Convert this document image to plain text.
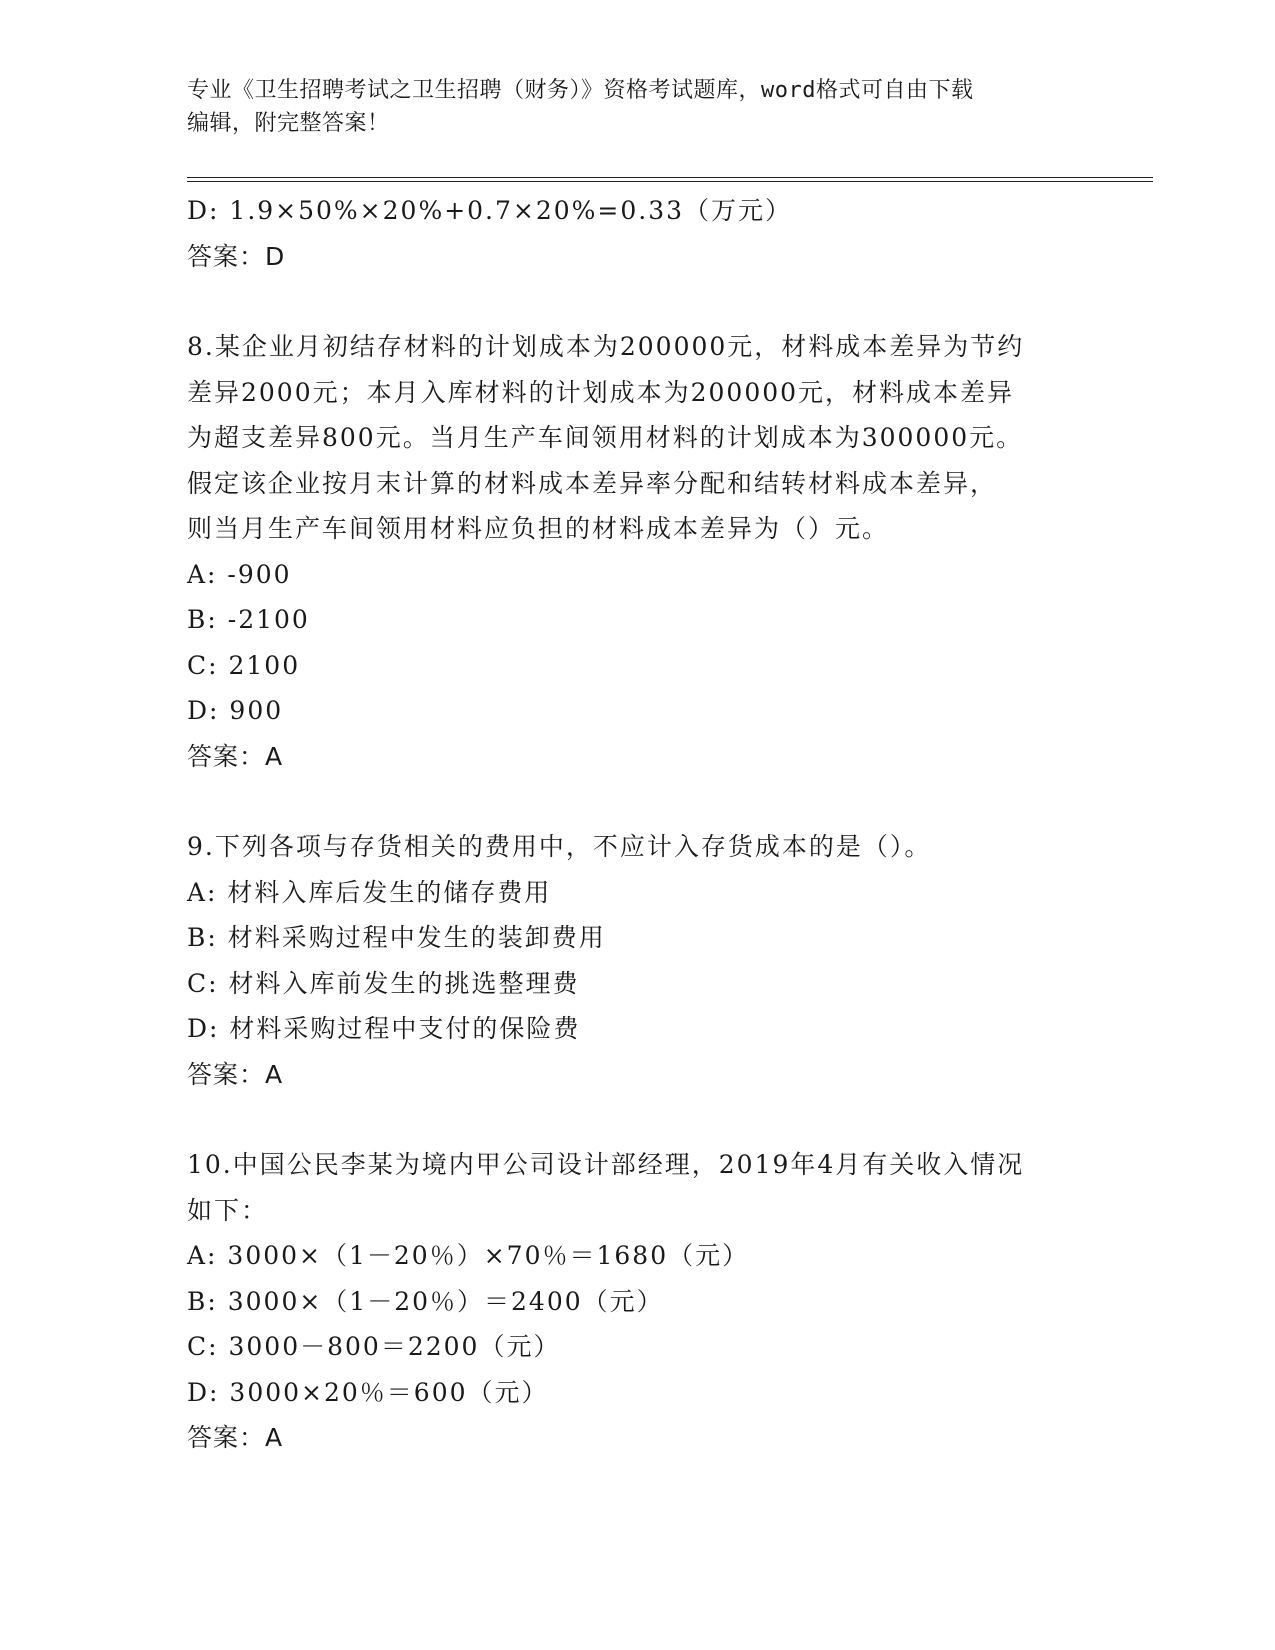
专业《卫生招聘考试之卫生招聘（财务）》资格考试题库，word格式可自由下载
编辑，附完整答案！
D: 1.9×50%×20%+0.7×20%=0.33（万元）
答案：D
8.某企业月初结存材料的计划成本为200000元，材料成本差异为节约
差异2000元；本月入库材料的计划成本为200000元，材料成本差异
为超支差异800元。当月生产车间领用材料的计划成本为300000元。
假定该企业按月末计算的材料成本差异率分配和结转材料成本差异，
则当月生产车间领用材料应负担的材料成本差异为（）元。
A: -900
B: -2100
C: 2100
D: 900
答案：A
9.下列各项与存货相关的费用中，不应计入存货成本的是（）。
A: 材料入库后发生的储存费用
B: 材料采购过程中发生的装卸费用
C: 材料入库前发生的挑选整理费
D: 材料采购过程中支付的保险费
答案：A
10.中国公民李某为境内甲公司设计部经理，2019年4月有关收入情况
如下：
A: 3000×（1－20％）×70％＝1680（元）
B: 3000×（1－20％）＝2400（元）
C: 3000－800＝2200（元）
D: 3000×20％＝600（元）
答案：A
